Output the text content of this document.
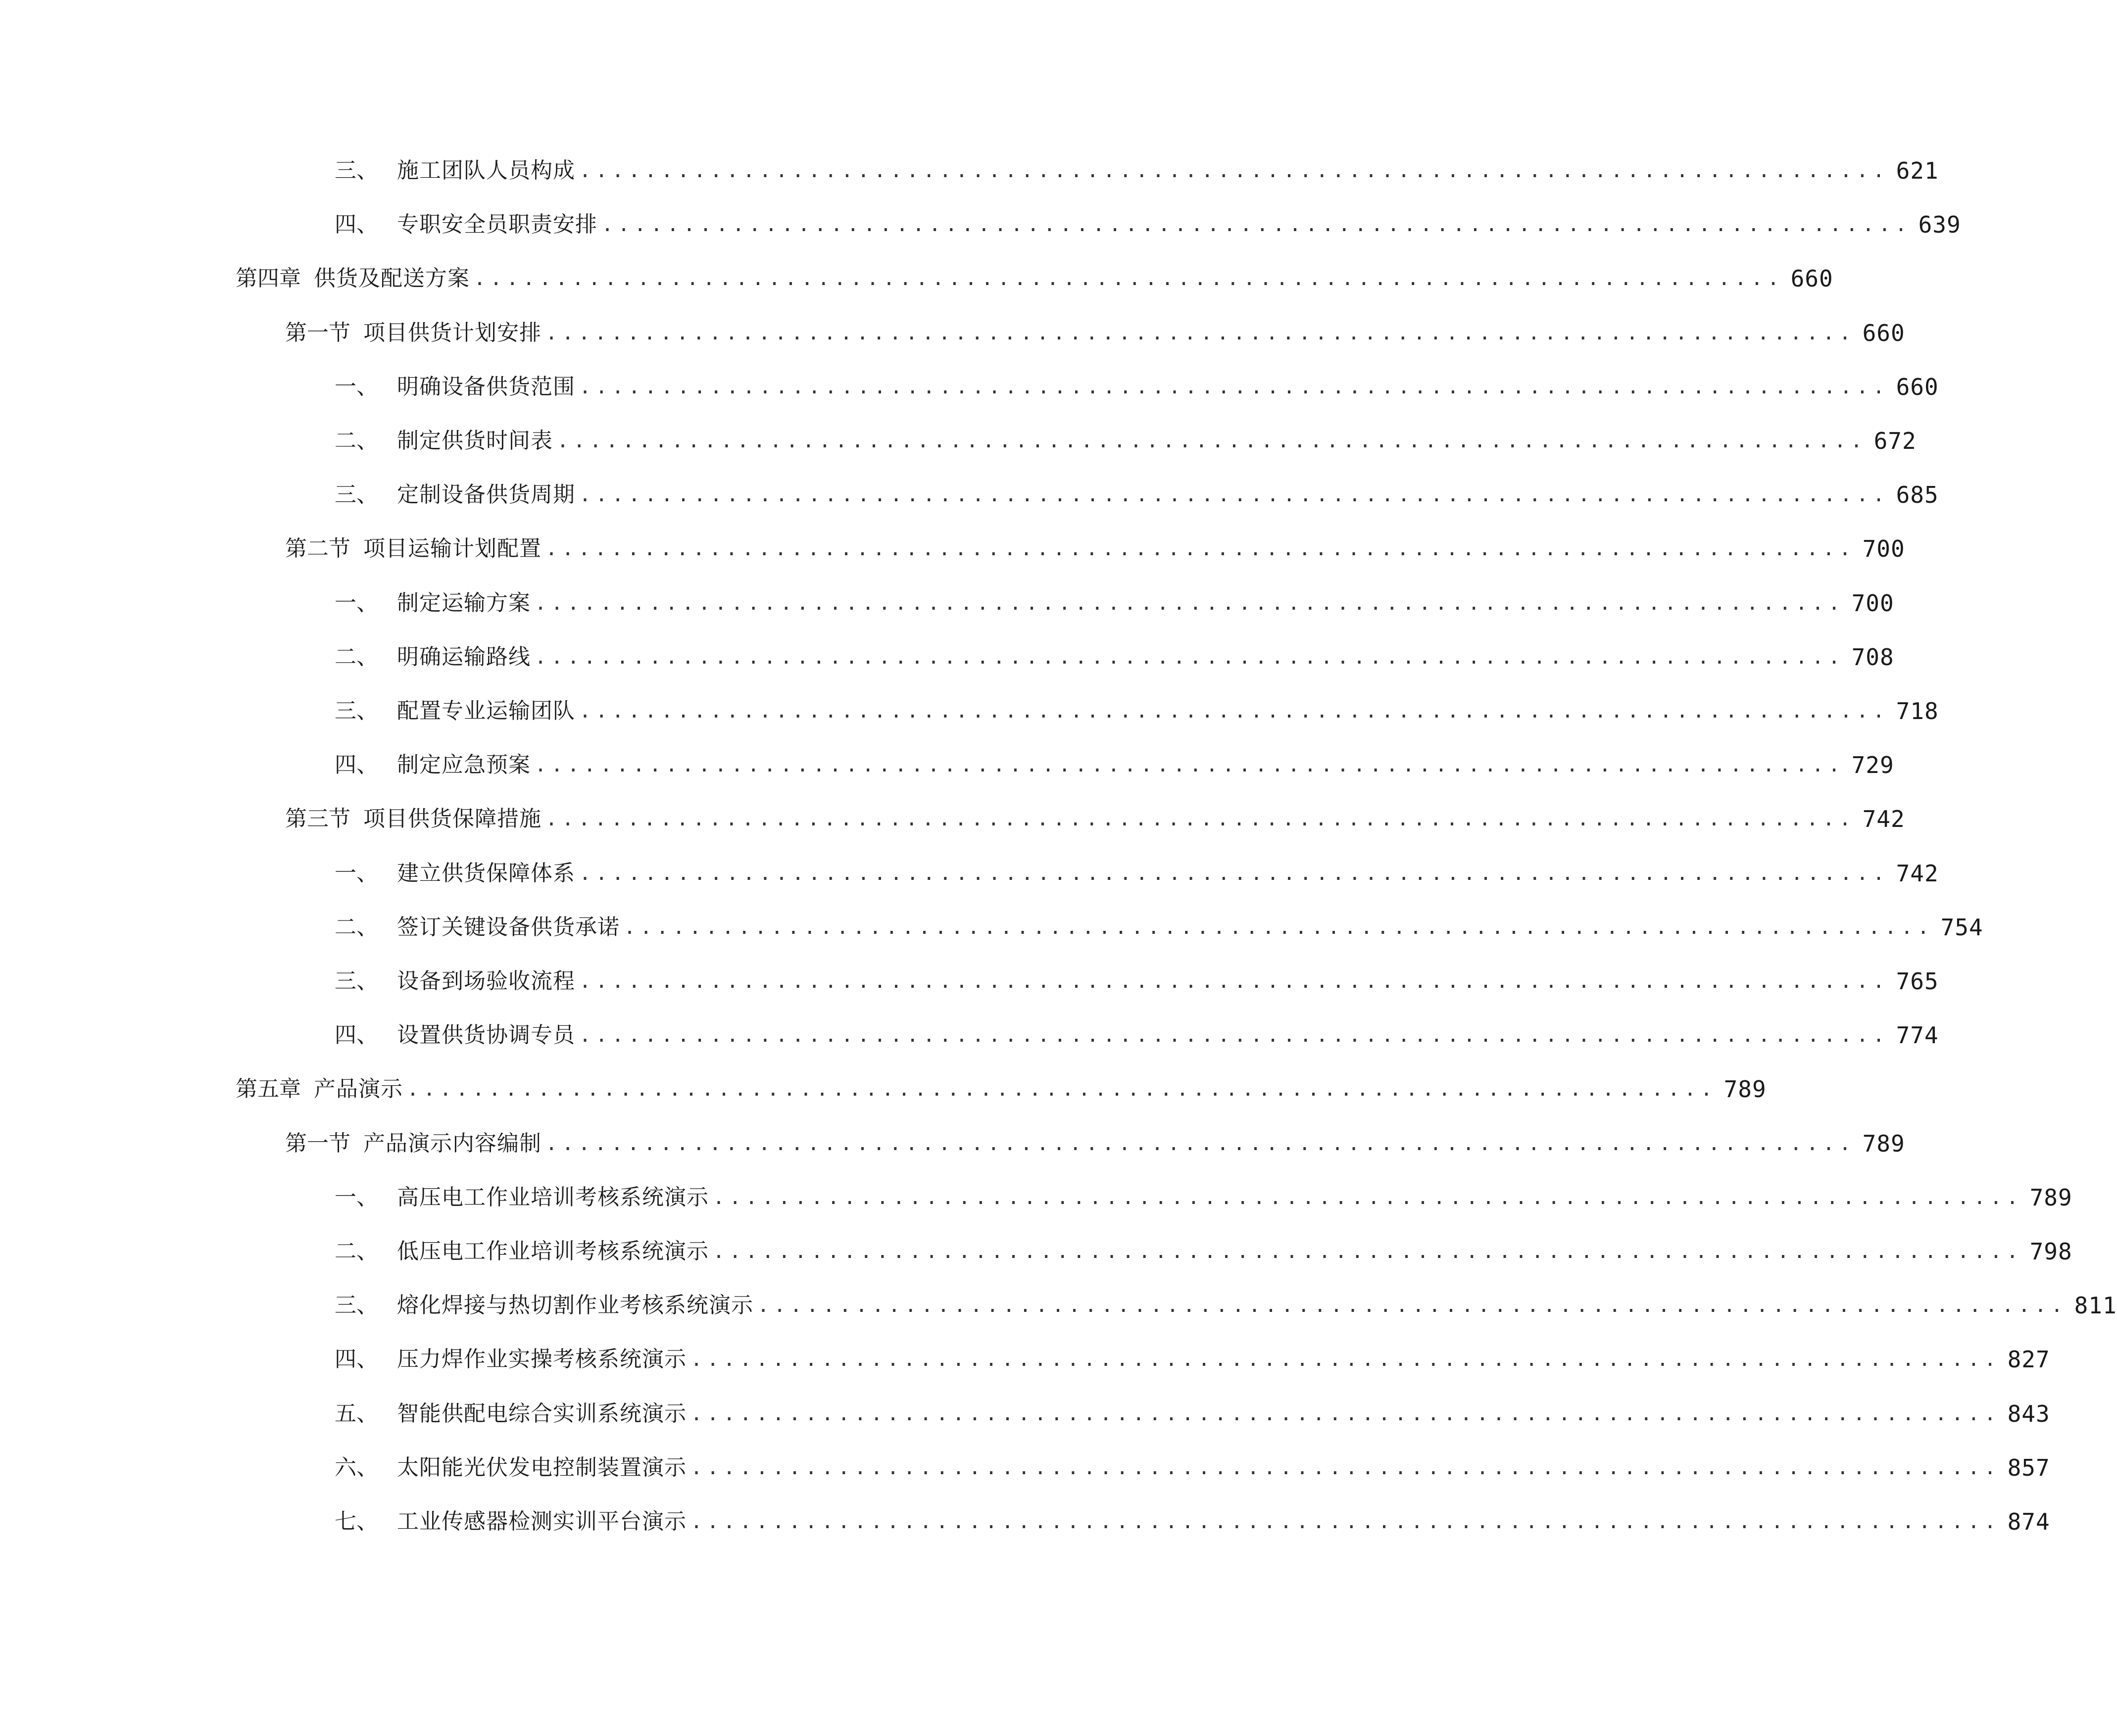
三、 施工团队人员构成 ................................................................................ 621
四、 专职安全员职责安排 ................................................................................ 639
第四章 供货及配送方案 ................................................................................ 660
第一节 项目供货计划安排 ................................................................................ 660
一、 明确设备供货范围 ................................................................................ 660
二、 制定供货时间表 ................................................................................ 672
三、 定制设备供货周期 ................................................................................ 685
第二节 项目运输计划配置 ................................................................................ 700
一、 制定运输方案 ................................................................................ 700
二、 明确运输路线 ................................................................................ 708
三、 配置专业运输团队 ................................................................................ 718
四、 制定应急预案 ................................................................................ 729
第三节 项目供货保障措施 ................................................................................ 742
一、 建立供货保障体系 ................................................................................ 742
二、 签订关键设备供货承诺 ................................................................................ 754
三、 设备到场验收流程 ................................................................................ 765
四、 设置供货协调专员 ................................................................................ 774
第五章 产品演示 ................................................................................ 789
第一节 产品演示内容编制 ................................................................................ 789
一、 高压电工作业培训考核系统演示 ................................................................................ 789
二、 低压电工作业培训考核系统演示 ................................................................................ 798
三、 熔化焊接与热切割作业考核系统演示 ................................................................................ 811
四、 压力焊作业实操考核系统演示 ................................................................................ 827
五、 智能供配电综合实训系统演示 ................................................................................ 843
六、 太阳能光伏发电控制装置演示 ................................................................................ 857
七、 工业传感器检测实训平台演示 ................................................................................ 874
